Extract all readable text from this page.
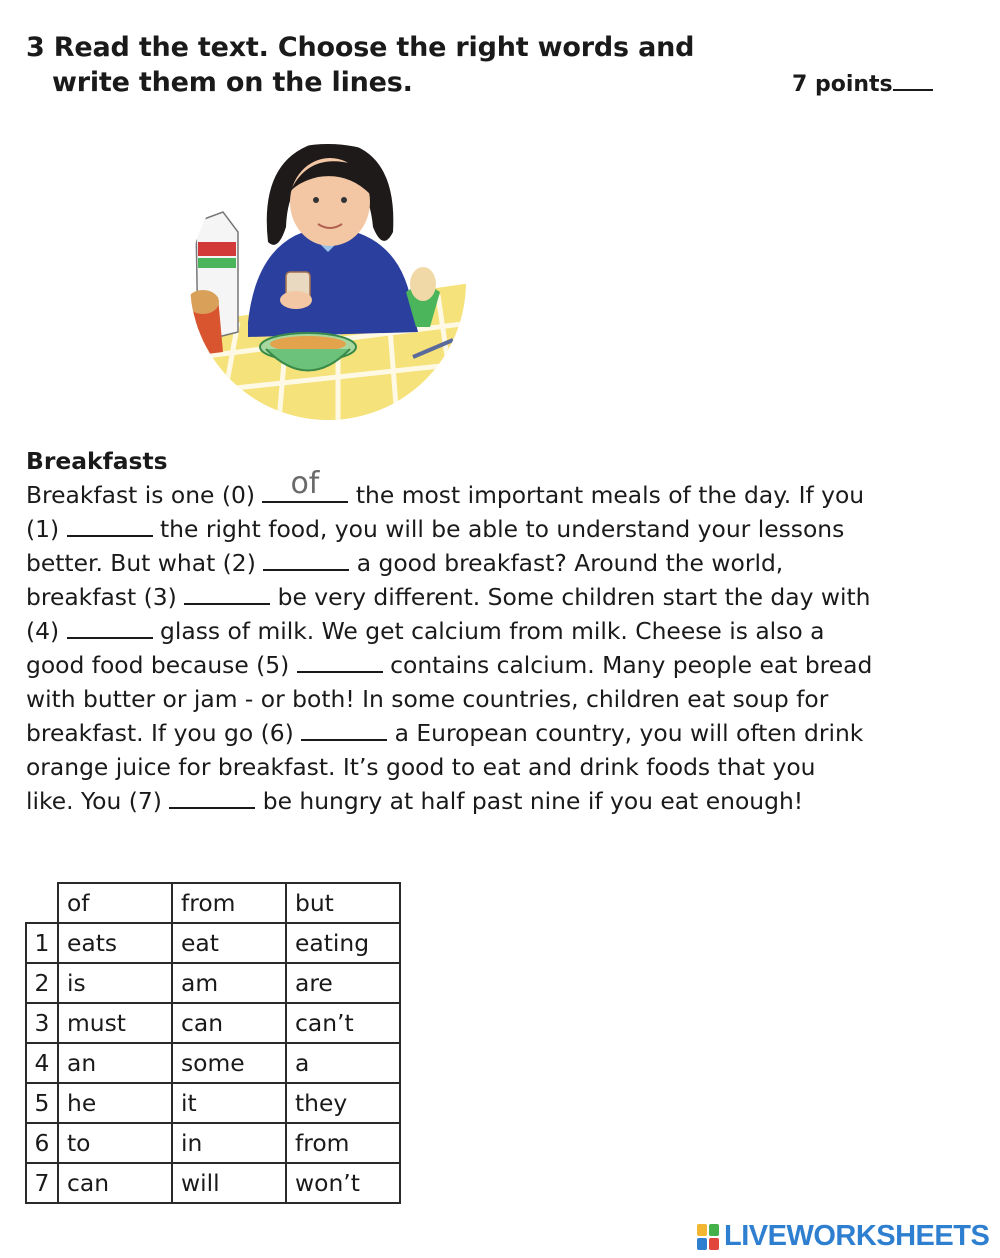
3 Read the text. Choose the right words and
write them on the lines.	7 points
Breakfasts
Breakfast is one (0) of the most important meals of the day. If you
(1)	the right food, you will be able to understand your lessons
better. But what (2)	a good breakfast? Around the world,
breakfast (3)	be very different. Some children start the day with
(4)	glass of milk. We get calcium from milk. Cheese is also a
good food because (5)	contains calcium. Many people eat bread
with butter or jam - or both! In some countries, children eat soup for
breakfast. If you go (6)	a European country, you will often drink
orange juice for breakfast. It’s good to eat and drink foods that you
like. You (7)	be hungry at half past nine if you eat enough!
	of	from	but
1	eats	eat	eating
2	is	am	are
3	must	can	can’t
4	an	some	a
5	he	it	they
6	to	in	from
7	can	will	won’t
LIVEWORKSHEETS
